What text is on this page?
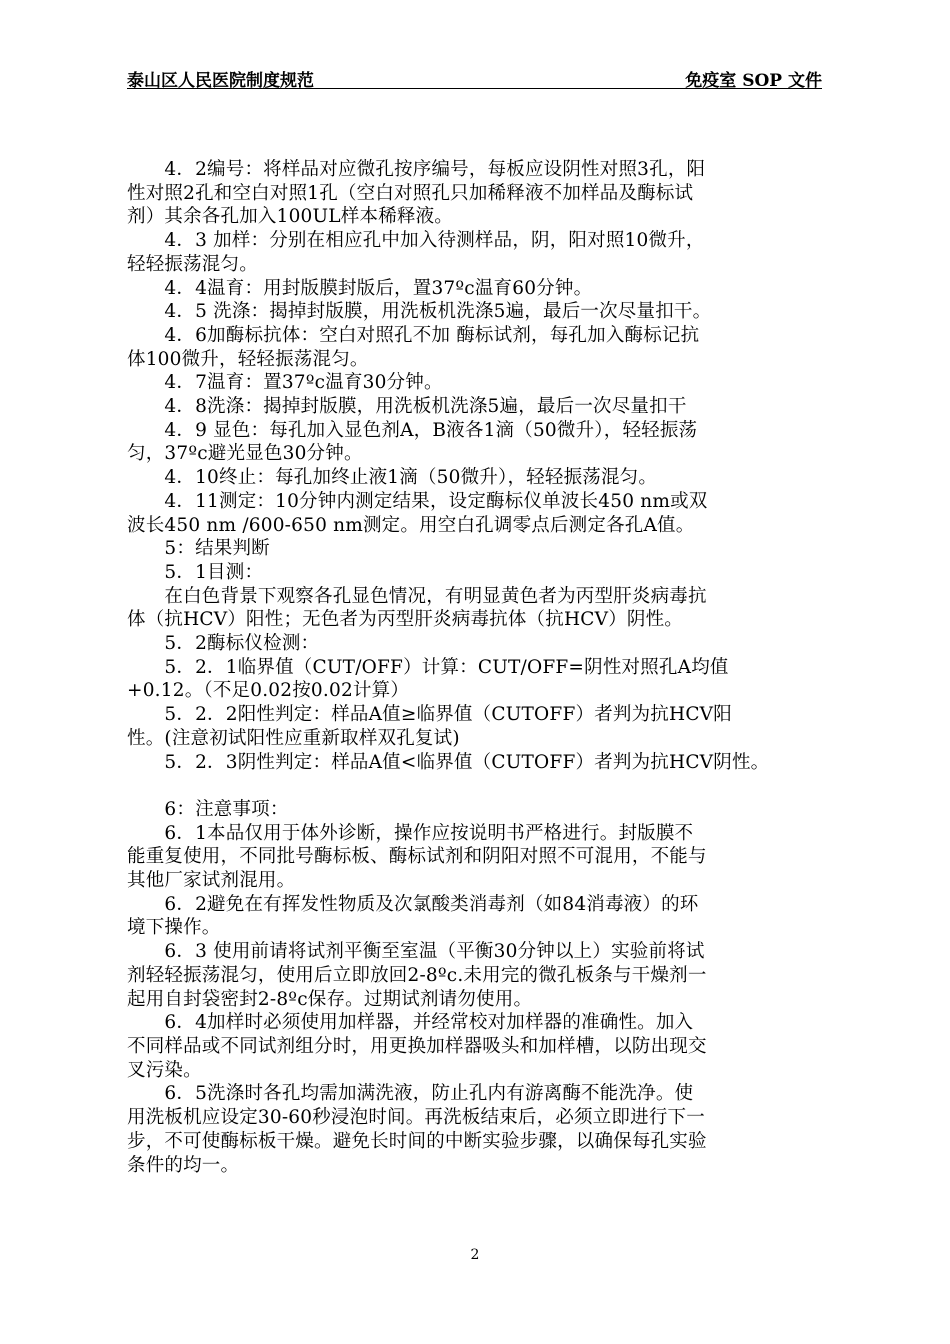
泰山区人民医院制度规范	免疫室 SOP 文件
　　4．2编号：将样品对应微孔按序编号，每板应设阴性对照3孔，阳
性对照2孔和空白对照1孔（空白对照孔只加稀释液不加样品及酶标试
剂）其余各孔加入100UL样本稀释液。
　　4．3 加样：分别在相应孔中加入待测样品，阴，阳对照10微升，
轻轻振荡混匀。
　　4．4温育：用封版膜封版后，置37ºc温育60分钟。
　　4．5 洗涤：揭掉封版膜，用洗板机洗涤5遍，最后一次尽量扣干。
　　4．6加酶标抗体：空白对照孔不加 酶标试剂，每孔加入酶标记抗
体100微升，轻轻振荡混匀。
　　4．7温育：置37ºc温育30分钟。
　　4．8洗涤：揭掉封版膜，用洗板机洗涤5遍，最后一次尽量扣干
　　4．9 显色：每孔加入显色剂A，B液各1滴（50微升），轻轻振荡
匀，37ºc避光显色30分钟。
　　4．10终止：每孔加终止液1滴（50微升），轻轻振荡混匀。
　　4．11测定：10分钟内测定结果，设定酶标仪单波长450 nm或双
波长450 nm /600-650 nm测定。用空白孔调零点后测定各孔A值。
　　5：结果判断
　　5．1目测：
　　在白色背景下观察各孔显色情况，有明显黄色者为丙型肝炎病毒抗
体（抗HCV）阳性；无色者为丙型肝炎病毒抗体（抗HCV）阴性。
　　5．2酶标仪检测：
　　5．2．1临界值（CUT/OFF）计算：CUT/OFF=阴性对照孔A均值
+0.12。（不足0.02按0.02计算）
　　5．2．2阳性判定：样品A值≥临界值（CUTOFF）者判为抗HCV阳
性。(注意初试阳性应重新取样双孔复试)
　　5．2．3阴性判定：样品A值<临界值（CUTOFF）者判为抗HCV阴性。
　　6：注意事项：
　　6．1本品仅用于体外诊断，操作应按说明书严格进行。封版膜不
能重复使用，不同批号酶标板、酶标试剂和阴阳对照不可混用，不能与
其他厂家试剂混用。
　　6．2避免在有挥发性物质及次氯酸类消毒剂（如84消毒液）的环
境下操作。
　　6．3 使用前请将试剂平衡至室温（平衡30分钟以上）实验前将试
剂轻轻振荡混匀，使用后立即放回2-8ºc.未用完的微孔板条与干燥剂一
起用自封袋密封2-8ºc保存。过期试剂请勿使用。
　　6．4加样时必须使用加样器，并经常校对加样器的准确性。加入
不同样品或不同试剂组分时，用更换加样器吸头和加样槽，以防出现交
叉污染。
　　6．5洗涤时各孔均需加满洗液，防止孔内有游离酶不能洗净。使
用洗板机应设定30-60秒浸泡时间。再洗板结束后，必须立即进行下一
步，不可使酶标板干燥。避免长时间的中断实验步骤，以确保每孔实验
条件的均一。
2
